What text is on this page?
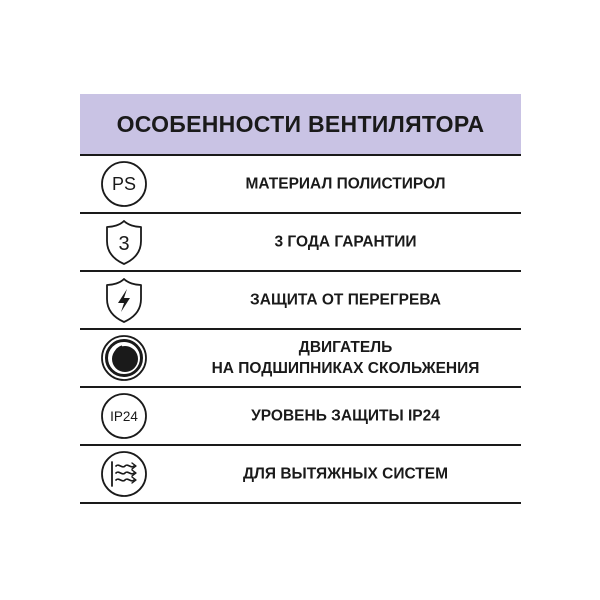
ОСОБЕННОСТИ ВЕНТИЛЯТОРА
PS	МАТЕРИАЛ ПОЛИСТИРОЛ
3	3 ГОДА ГАРАНТИИ
ЗАЩИТА ОТ ПЕРЕГРЕВА
ДВИГАТЕЛЬ
НА ПОДШИПНИКАХ СКОЛЬЖЕНИЯ
IP24	УРОВЕНЬ ЗАЩИТЫ IP24
ДЛЯ ВЫТЯЖНЫХ СИСТЕМ
